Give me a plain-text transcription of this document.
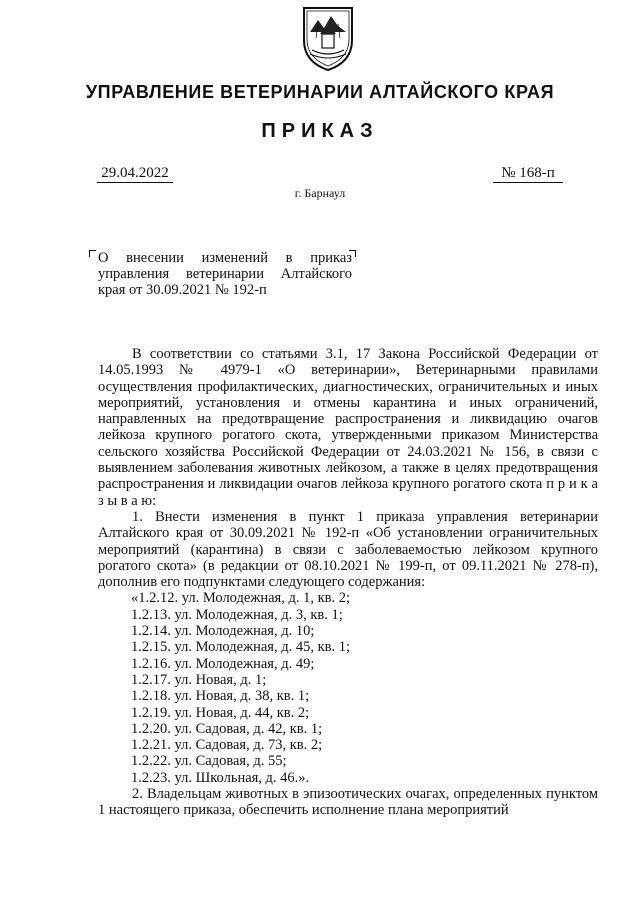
УПРАВЛЕНИЕ ВЕТЕРИНАРИИ АЛТАЙСКОГО КРАЯ
ПРИКАЗ
29.04.2022	№ 168-п
г. Барнаул
О внесении изменений в приказ
управления ветеринарии Алтайского
края от 30.09.2021 № 192-п

В соответствии со статьями 3.1, 17 Закона Российской Федерации от 14.05.1993 № 4979-1 «О ветеринарии», Ветеринарными правилами осуществления профилактических, диагностических, ограничительных и иных мероприятий, установления и отмены карантина и иных ограничений, направленных на предотвращение распространения и ликвидацию очагов лейкоза крупного рогатого скота, утвержденными приказом Министерства сельского хозяйства Российской Федерации от 24.03.2021 № 156, в связи с выявлением заболевания животных лейкозом, а также в целях предотвращения распространения и ликвидации очагов лейкоза крупного рогатого скота п р и к а з ы в а ю:

1. Внести изменения в пункт 1 приказа управления ветеринарии Алтайского края от 30.09.2021 № 192-п «Об установлении ограничительных мероприятий (карантина) в связи с заболеваемостью лейкозом крупного рогатого скота» (в редакции от 08.10.2021 № 199-п, от 09.11.2021 № 278-п), дополнив его подпунктами следующего содержания:

«1.2.12. ул. Молодежная, д. 1, кв. 2;
1.2.13. ул. Молодежная, д. 3, кв. 1;
1.2.14. ул. Молодежная, д. 10;
1.2.15. ул. Молодежная, д. 45, кв. 1;
1.2.16. ул. Молодежная, д. 49;
1.2.17. ул. Новая, д. 1;
1.2.18. ул. Новая, д. 38, кв. 1;
1.2.19. ул. Новая, д. 44, кв. 2;
1.2.20. ул. Садовая, д. 42, кв. 1;
1.2.21. ул. Садовая, д. 73, кв. 2;
1.2.22. ул. Садовая, д. 55;
1.2.23. ул. Школьная, д. 46.».

2. Владельцам животных в эпизоотических очагах, определенных пунктом 1 настоящего приказа, обеспечить исполнение плана мероприятий
